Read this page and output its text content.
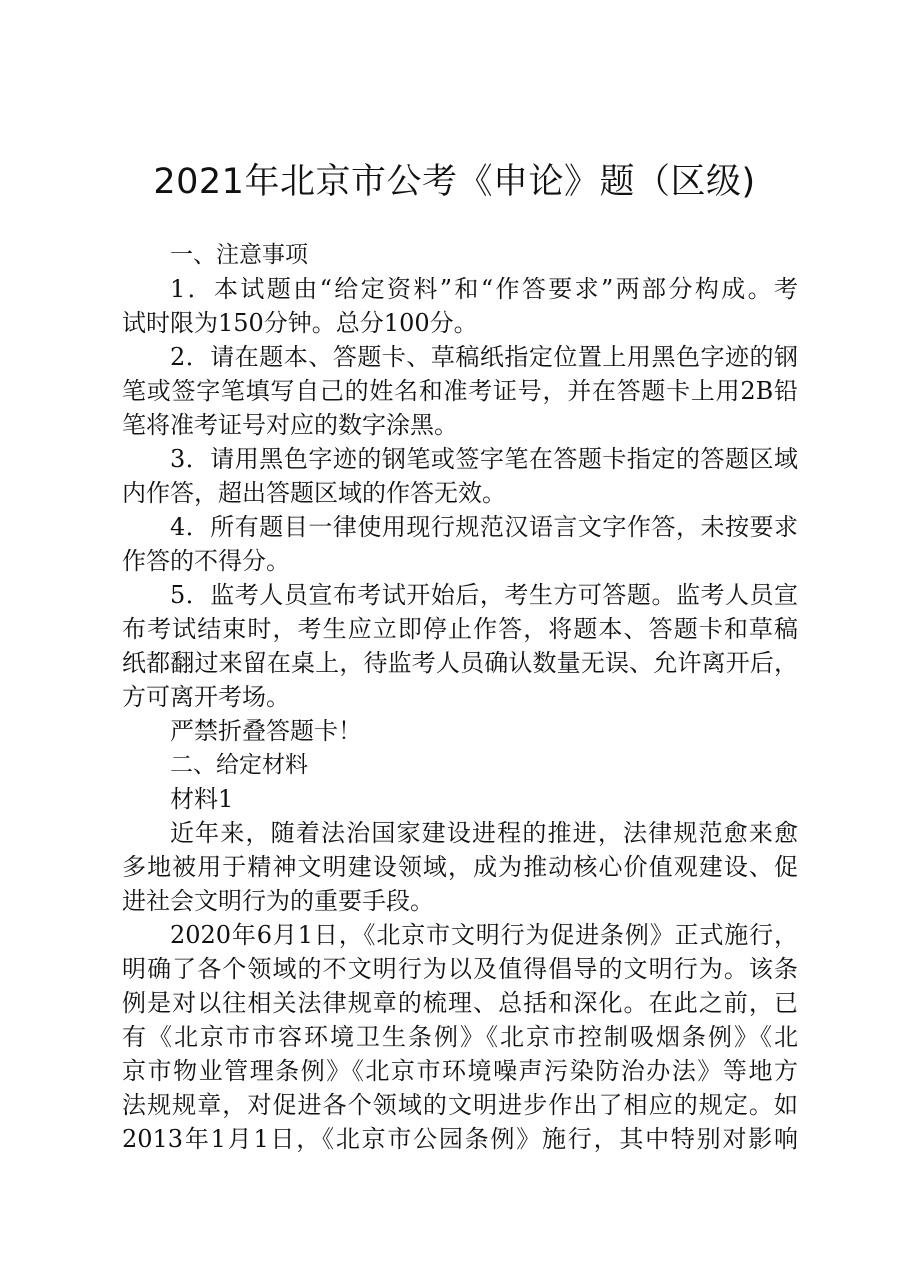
2021年北京市公考《申论》题（区级)

一、注意事项

1．本试题由“给定资料”和“作答要求”两部分构成。考
试时限为150分钟。总分100分。

2．请在题本、答题卡、草稿纸指定位置上用黑色字迹的钢
笔或签字笔填写自己的姓名和准考证号，并在答题卡上用2B铅
笔将准考证号对应的数字涂黑。

3．请用黑色字迹的钢笔或签字笔在答题卡指定的答题区域
内作答，超出答题区域的作答无效。

4．所有题目一律使用现行规范汉语言文字作答，未按要求
作答的不得分。

5．监考人员宣布考试开始后，考生方可答题。监考人员宣
布考试结束时，考生应立即停止作答，将题本、答题卡和草稿
纸都翻过来留在桌上，待监考人员确认数量无误、允许离开后，
方可离开考场。

严禁折叠答题卡！

二、给定材料

材料1

近年来，随着法治国家建设进程的推进，法律规范愈来愈
多地被用于精神文明建设领域，成为推动核心价值观建设、促
进社会文明行为的重要手段。

2020年6月1日，《北京市文明行为促进条例》正式施行，
明确了各个领域的不文明行为以及值得倡导的文明行为。该条
例是对以往相关法律规章的梳理、总括和深化。在此之前，已
有《北京市市容环境卫生条例》《北京市控制吸烟条例》《北
京市物业管理条例》《北京市环境噪声污染防治办法》等地方
法规规章，对促进各个领域的文明进步作出了相应的规定。如
2013年1月1日，《北京市公园条例》施行，其中特别对影响
